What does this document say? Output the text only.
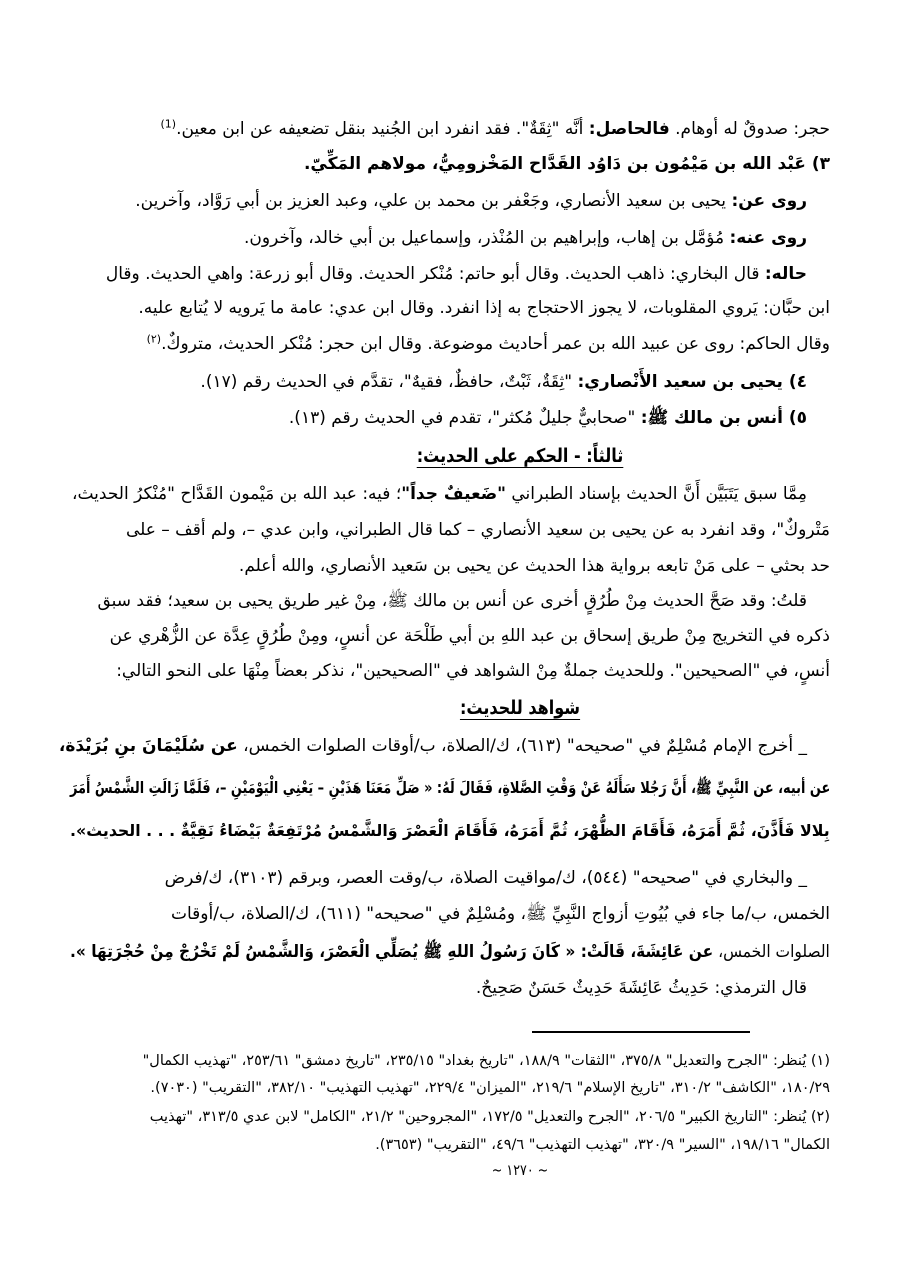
حجر: صدوقٌ له أوهام. فالحاصل: أنَّه "ثِقَةٌ". فقد انفرد ابن الجُنيد بنقل تضعيفه عن ابن معين.$^{(1)}$
٣) عَبْد الله بن مَيْمُون بن دَاوُد القَدَّاح المَخْزومِيُّ، مولاهم المَكِّيّ.
روى عن: يحيى بن سعيد الأنصاري، وجَعْفر بن محمد بن علي، وعبد العزيز بن أبي رَوَّاد، وآخرين.
روى عنه: مُؤمَّل بن إهاب، وإبراهيم بن المُنْذر، وإسماعيل بن أبي خالد، وآخرون.
حاله: قال البخاري: ذاهب الحديث. وقال أبو حاتم: مُنْكر الحديث. وقال أبو زرعة: واهي الحديث. وقال
ابن حبَّان: يَروي المقلوبات، لا يجوز الاحتجاج به إذا انفرد. وقال ابن عدي: عامة ما يَرويه لا يُتابع عليه.
وقال الحاكم: روى عن عبيد الله بن عمر أحاديث موضوعة. وقال ابن حجر: مُنْكر الحديث، متروكٌ.$^{(٢)}$
٤) يحيى بن سعيد الأَنْصاري: "ثِقَةٌ، ثَبْتٌ، حافظٌ، فقيهٌ"، تقدَّم في الحديث رقم (١٧).
٥) أنس بن مالك ﷺ: "صحابيٌّ جليلٌ مُكثر"، تقدم في الحديث رقم (١٣).
ثالثاً: - الحكم على الحديث:
مِمَّا سبق يَتَبَيَّن أَنَّ الحديث بإسناد الطبراني "ضَعيفٌ جداً"؛ فيه: عبد الله بن مَيْمون القَدَّاح "مُنْكرُ الحديث،
مَتْروكٌ"، وقد انفرد به عن يحيى بن سعيد الأنصاري – كما قال الطبراني، وابن عدي –، ولم أقف – على
حد بحثي – على مَنْ تابعه برواية هذا الحديث عن يحيى بن سَعيد الأنصاري، والله أعلم.
قلتُ: وقد صَحَّ الحديث مِنْ طُرُقٍ أخرى عن أنس بن مالك ﷺ، مِنْ غير طريق يحيى بن سعيد؛ فقد سبق
ذكره في التخريج مِنْ طريق إسحاق بن عبد اللهِ بن أبي طَلْحَة عن أنسٍ، ومِنْ طُرُقٍ عِدَّة عن الزُّهْري عن
أنسٍ، في "الصحيحين". وللحديث جملةٌ مِنْ الشواهد في "الصحيحين"، نذكر بعضاً مِنْهَا على النحو التالي:
شواهد للحديث:
_ أخرج الإمام مُسْلِمٌ في "صحيحه" (٦١٣)، ك/الصلاة، ب/أوقات الصلوات الخمس، عن سُلَيْمَانَ بنِ بُرَيْدَة،
عن أبيه، عن النَّبِيِّ ﷺ، أَنَّ رَجُلا سَأَلَهُ عَنْ وَقْتِ الصَّلاةِ، فَقَالَ لَهُ: « صَلِّ مَعَنَا هَذَيْنِ – يَعْنِي الْيَوْمَيْنِ –، فَلَمَّا زَالَتِ الشَّمْسُ أَمَرَ
بِلالا فَأَذَّنَ، ثُمَّ أَمَرَهُ، فَأَقَامَ الظُّهْرَ، ثُمَّ أَمَرَهُ، فَأَقَامَ الْعَصْرَ وَالشَّمْسُ مُرْتَفِعَةٌ بَيْضَاءُ نَقِيَّةٌ . . . الحديث».
_ والبخاري في "صحيحه" (٥٤٤)، ك/مواقيت الصلاة، ب/وقت العصر، وبرقم (٣١٠٣)، ك/فرض
الخمس، ب/ما جاء في بُيُوتِ أزواج النَّبِيِّ ﷺ، ومُسْلِمٌ في "صحيحه" (٦١١)، ك/الصلاة، ب/أوقات
الصلوات الخمس، عن عَائِشَةَ، قَالَتْ: « كَانَ رَسُولُ اللهِ ﷺ يُصَلِّي الْعَصْرَ، وَالشَّمْسُ لَمْ تَخْرُجْ مِنْ حُجْرَتِهَا ».
قال الترمذي: حَدِيثُ عَائِشَةَ حَدِيثٌ حَسَنٌ صَحِيحٌ.
(١) يُنظر: "الجرح والتعديل" ٣٧٥/٨، "الثقات" ١٨٨/٩، "تاريخ بغداد" ٢٣٥/١٥، "تاريخ دمشق" ٢٥٣/٦١، "تهذيب الكمال"
١٨٠/٢٩، "الكاشف" ٣١٠/٢، "تاريخ الإسلام" ٢١٩/٦، "الميزان" ٢٢٩/٤، "تهذيب التهذيب" ٣٨٢/١٠، "التقريب" (٧٠٣٠).
(٢) يُنظر: "التاريخ الكبير" ٢٠٦/٥، "الجرح والتعديل" ١٧٢/٥، "المجروحين" ٢١/٢، "الكامل" لابن عدي ٣١٣/٥، "تهذيب
الكمال" ١٩٨/١٦، "السير" ٣٢٠/٩، "تهذيب التهذيب" ٤٩/٦، "التقريب" (٣٦٥٣).
~ ١٢٧٠ ~
